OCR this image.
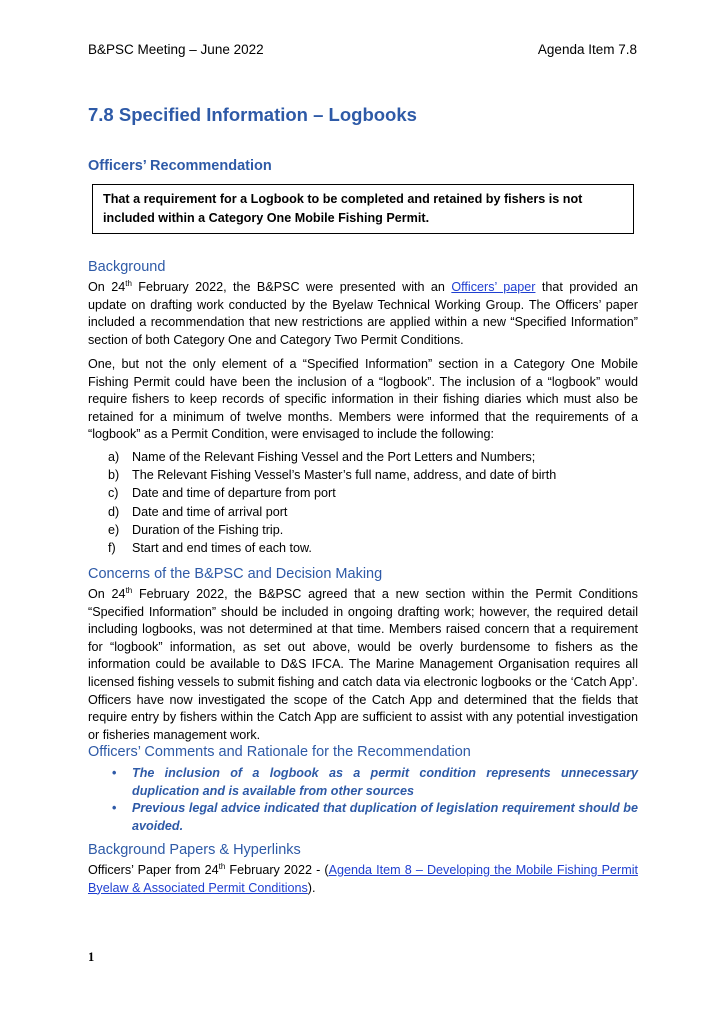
B&PSC Meeting – June 2022	Agenda Item 7.8
7.8 Specified Information – Logbooks
Officers’ Recommendation
That a requirement for a Logbook to be completed and retained by fishers is not included within a Category One Mobile Fishing Permit.
Background

On 24th February 2022, the B&PSC were presented with an Officers’ paper that provided an update on drafting work conducted by the Byelaw Technical Working Group. The Officers’ paper included a recommendation that new restrictions are applied within a new “Specified Information” section of both Category One and Category Two Permit Conditions.

One, but not the only element of a “Specified Information” section in a Category One Mobile Fishing Permit could have been the inclusion of a “logbook”. The inclusion of a “logbook” would require fishers to keep records of specific information in their fishing diaries which must also be retained for a minimum of twelve months. Members were informed that the requirements of a “logbook” as a Permit Condition, were envisaged to include the following:

a) Name of the Relevant Fishing Vessel and the Port Letters and Numbers;
b) The Relevant Fishing Vessel’s Master’s full name, address, and date of birth
c) Date and time of departure from port
d) Date and time of arrival port
e) Duration of the Fishing trip.
f) Start and end times of each tow.
Concerns of the B&PSC and Decision Making

On 24th February 2022, the B&PSC agreed that a new section within the Permit Conditions “Specified Information” should be included in ongoing drafting work; however, the required detail including logbooks, was not determined at that time. Members raised concern that a requirement for “logbook” information, as set out above, would be overly burdensome to fishers as the information could be available to D&S IFCA. The Marine Management Organisation requires all licensed fishing vessels to submit fishing and catch data via electronic logbooks or the ‘Catch App’. Officers have now investigated the scope of the Catch App and determined that the fields that require entry by fishers within the Catch App are sufficient to assist with any potential investigation or fisheries management work.

Officers’ Comments and Rationale for the Recommendation
• The inclusion of a logbook as a permit condition represents unnecessary duplication and is available from other sources
• Previous legal advice indicated that duplication of legislation requirement should be avoided.
Background Papers & Hyperlinks

Officers’ Paper from 24th February 2022 - (Agenda Item 8 – Developing the Mobile Fishing Permit Byelaw & Associated Permit Conditions).

1
